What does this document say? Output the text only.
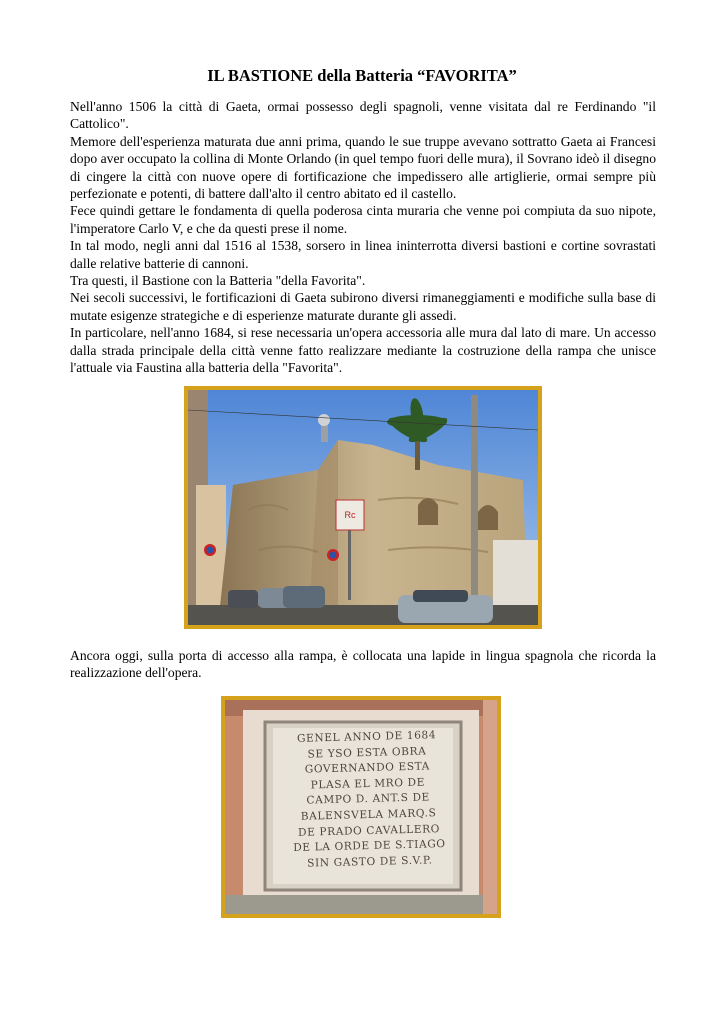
IL BASTIONE della Batteria “FAVORITA”

Nell'anno 1506 la città di Gaeta, ormai possesso degli spagnoli, venne visitata dal re Ferdinando "il Cattolico".

Memore dell'esperienza maturata due anni prima, quando le sue truppe avevano sottratto Gaeta ai Francesi dopo aver occupato la collina di Monte Orlando (in quel tempo fuori delle mura), il Sovrano ideò il disegno di cingere la città con nuove opere di fortificazione che impedissero alle artiglierie, ormai sempre più perfezionate e potenti, di battere dall'alto il centro abitato ed il castello.

Fece quindi gettare le fondamenta di quella poderosa cinta muraria che venne poi compiuta da suo nipote, l'imperatore Carlo V, e che da questi prese il nome.

In tal modo, negli anni dal 1516 al 1538, sorsero in linea ininterrotta diversi bastioni e cortine sovrastati dalle relative batterie di cannoni.

Tra questi, il Bastione con la Batteria "della Favorita".

Nei secoli successivi, le fortificazioni di Gaeta subirono diversi rimaneggiamenti e modifiche sulla base di mutate esigenze strategiche e di esperienze maturate durante gli assedi.

In particolare, nell'anno 1684, si rese necessaria un'opera accessoria alle mura dal lato di mare. Un accesso dalla strada principale della città venne fatto realizzare mediante la costruzione della rampa che unisce l'attuale via Faustina alla batteria della "Favorita".

Rc

Ancora oggi, sulla porta di accesso alla rampa, è collocata una lapide in lingua spagnola che ricorda la realizzazione dell'opera.

GENEL ANNO DE 1684
SE YSO ESTA OBRA
GOVERNANDO ESTA
PLASA EL MRO DE
CAMPO D. ANT.S DE
BALENSVELA MARQ.S
DE PRADO CAVALLERO
DE LA ORDE DE S.TIAGO
SIN GASTO DE S.V.P.
